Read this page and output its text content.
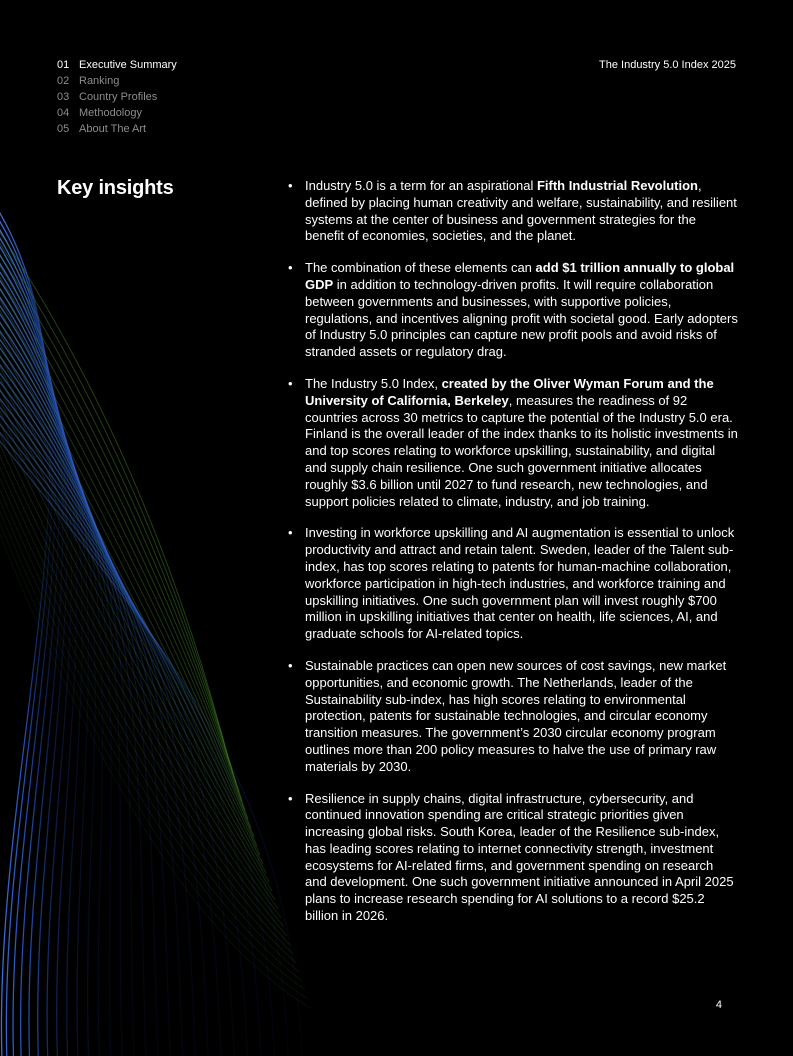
01 Executive Summary
02 Ranking
03 Country Profiles
04 Methodology
05 About The Art
The Industry 5.0 Index 2025
Key insights
•	Industry 5.0 is a term for an aspirational Fifth Industrial Revolution, defined by placing human creativity and welfare, sustainability, and resilient systems at the center of business and government strategies for the benefit of economies, societies, and the planet.
• The combination of these elements can add $1 trillion annually to global GDP in addition to technology-driven profits. It will require collaboration between governments and businesses, with supportive policies, regulations, and incentives aligning profit with societal good. Early adopters of Industry 5.0 principles can capture new profit pools and avoid risks of stranded assets or regulatory drag.
• The Industry 5.0 Index, created by the Oliver Wyman Forum and the University of California, Berkeley, measures the readiness of 92 countries across 30 metrics to capture the potential of the Industry 5.0 era. Finland is the overall leader of the index thanks to its holistic investments in and top scores relating to workforce upskilling, sustainability, and digital and supply chain resilience. One such government initiative allocates roughly $3.6 billion until 2027 to fund research, new technologies, and support policies related to climate, industry, and job training.
• Investing in workforce upskilling and AI augmentation is essential to unlock productivity and attract and retain talent. Sweden, leader of the Talent sub-index, has top scores relating to patents for human-machine collaboration, workforce participation in high-tech industries, and workforce training and upskilling initiatives. One such government plan will invest roughly $700 million in upskilling initiatives that center on health, life sciences, AI, and graduate schools for AI-related topics.
• Sustainable practices can open new sources of cost savings, new market opportunities, and economic growth. The Netherlands, leader of the Sustainability sub-index, has high scores relating to environmental protection, patents for sustainable technologies, and circular economy transition measures. The government’s 2030 circular economy program outlines more than 200 policy measures to halve the use of primary raw materials by 2030.
• Resilience in supply chains, digital infrastructure, cybersecurity, and continued innovation spending are critical strategic priorities given increasing global risks. South Korea, leader of the Resilience sub-index, has leading scores relating to internet connectivity strength, investment ecosystems for AI-related firms, and government spending on research and development. One such government initiative announced in April 2025 plans to increase research spending for AI solutions to a record $25.2 billion in 2026.
4
